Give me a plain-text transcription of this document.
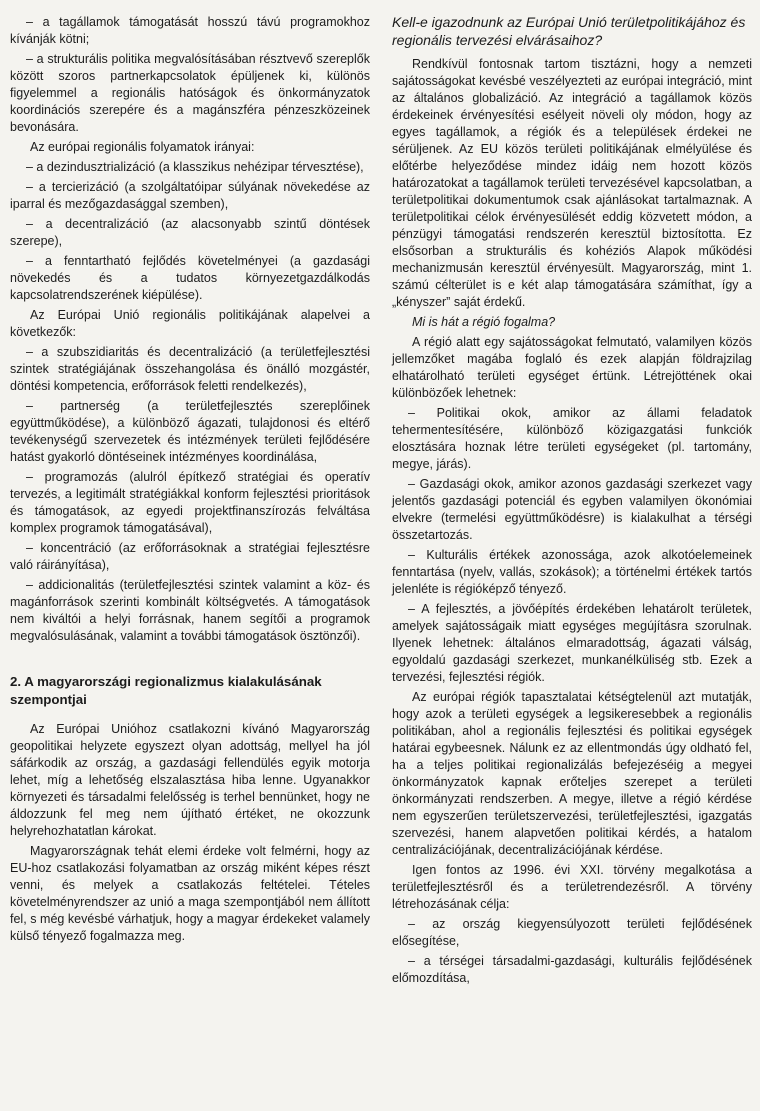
– a tagállamok támogatását hosszú távú programokhoz kívánják kötni;

– a strukturális politika megvalósításában résztvevő szereplők között szoros partnerkapcsolatok épüljenek ki, különös figyelemmel a regionális hatóságok és önkormányzatok koordinációs szerepére és a magánszféra pénzeszközeinek bevonására.

Az európai regionális folyamatok irányai:

– a dezindusztrializáció (a klasszikus nehézipar térvesztése),

– a tercierizáció (a szolgáltatóipar súlyának növekedése az iparral és mezőgazdasággal szemben),

– a decentralizáció (az alacsonyabb szintű döntések szerepe),

– a fenntartható fejlődés követelményei (a gazdasági növekedés és a tudatos környezetgazdálkodás kapcsolatrendszerének kiépülése).

Az Európai Unió regionális politikájának alapelvei a következők:

– a szubszidiaritás és decentralizáció (a területfejlesztési szintek stratégiájának összehangolása és önálló mozgástér, döntési kompetencia, erőforrások feletti rendelkezés),

– partnerség (a területfejlesztés szereplőinek együttműködése), a különböző ágazati, tulajdonosi és eltérő tevékenységű szervezetek és intézmények területi fejlődésére hatást gyakorló döntéseinek intézményes koordinálása,

– programozás (alulról építkező stratégiai és operatív tervezés, a legitimált stratégiákkal konform fejlesztési prioritások és támogatások, az egyedi projektfinanszírozás felváltása komplex programok támogatásával),

– koncentráció (az erőforrásoknak a stratégiai fejlesztésre való ráirányítása),

– addicionalitás (területfejlesztési szintek valamint a köz- és magánforrások szerinti kombinált költségvetés. A támogatások nem kiváltói a helyi forrásnak, hanem segítői a programok megvalósulásának, valamint a további támogatások ösztönzői).

2. A magyarországi regionalizmus kialakulásának szempontjai

Az Európai Unióhoz csatlakozni kívánó Magyarország geopolitikai helyzete egyszezt olyan adottság, mellyel ha jól sáfárkodik az ország, a gazdasági fellendülés egyik motorja lehet, míg a lehetőség elszalasztása hiba lenne. Ugyanakkor környezeti és társadalmi felelősség is terhel bennünket, hogy ne áldozzunk fel meg nem újítható értéket, ne okozzunk helyrehozhatatlan károkat.

Magyarországnak tehát elemi érdeke volt felmérni, hogy az EU-hoz csatlakozási folyamatban az ország miként képes részt venni, és melyek a csatlakozás feltételei. Tételes követelményrendszer az unió a maga szempontjából nem állított fel, s még kevésbé várhatjuk, hogy a magyar érdekeket valamely külső tényező fogalmazza meg.

Kell-e igazodnunk az Európai Unió területpolitikájához és regionális tervezési elvárásaihoz?

Rendkívül fontosnak tartom tisztázni, hogy a nemzeti sajátosságokat kevésbé veszélyezteti az európai integráció, mint az általános globalizáció. Az integráció a tagállamok közös érdekeinek érvényesítési esélyeit növeli oly módon, hogy az egyes tagállamok, a régiók és a települések érdekei ne sérüljenek. Az EU közös területi politikájának elmélyülése és előtérbe helyeződése mindez idáig nem hozott közös határozatokat a tagállamok területi tervezésével kapcsolatban, a területpolitikai dokumentumok csak ajánlásokat tartalmaznak. A területpolitikai célok érvényesülését eddig közvetett módon, a pénzügyi támogatási rendszerén keresztül biztosította. Ez elsősorban a strukturális és kohéziós Alapok működési mechanizmusán keresztül érvényesült. Magyarország, mint 1. számú célterület is e két alap támogatására számíthat, így a „kényszer” saját érdekű.

Mi is hát a régió fogalma?

A régió alatt egy sajátosságokat felmutató, valamilyen közös jellemzőket magába foglaló és ezek alapján földrajzilag elhatárolható területi egységet értünk. Létrejöttének okai különbözőek lehetnek:

– Politikai okok, amikor az állami feladatok tehermentesítésére, különböző közigazgatási funkciók elosztására hoznak létre területi egységeket (pl. tartomány, megye, járás).

– Gazdasági okok, amikor azonos gazdasági szerkezet vagy jelentős gazdasági potenciál és egyben valamilyen ökonómiai elvekre (termelési együttműködésre) is kialakulhat a térségi összetartozás.

– Kulturális értékek azonossága, azok alkotóelemeinek fenntartása (nyelv, vallás, szokások); a történelmi értékek tartós jelenléte is régióképző tényező.

– A fejlesztés, a jövőépítés érdekében lehatárolt területek, amelyek sajátosságaik miatt egységes megújításra szorulnak. Ilyenek lehetnek: általános elmaradottság, ágazati válság, egyoldalú gazdasági szerkezet, munkanélküliség stb. Ezek a tervezési, fejlesztési régiók.

Az európai régiók tapasztalatai kétségtelenül azt mutatják, hogy azok a területi egységek a legsikeresebbek a regionális politikában, ahol a regionális fejlesztési és politikai egységek határai egybeesnek. Nálunk ez az ellentmondás úgy oldható fel, ha a teljes politikai regionalizálás befejezéséig a megyei önkormányzatok kapnak erőteljes szerepet a területi önkormányzati rendszerben. A megye, illetve a régió kérdése nem egyszerűen területszervezési, területfejlesztési, igazgatás szervezési, hanem alapvetően politikai kérdés, a hatalom centralizációjának, decentralizációjának kérdése.

Igen fontos az 1996. évi XXI. törvény megalkotása a területfejlesztésről és a területrendezésről. A törvény létrehozásának célja:

– az ország kiegyensúlyozott területi fejlődésének elősegítése,

– a térségei társadalmi-gazdasági, kulturális fejlődésének előmozdítása,
